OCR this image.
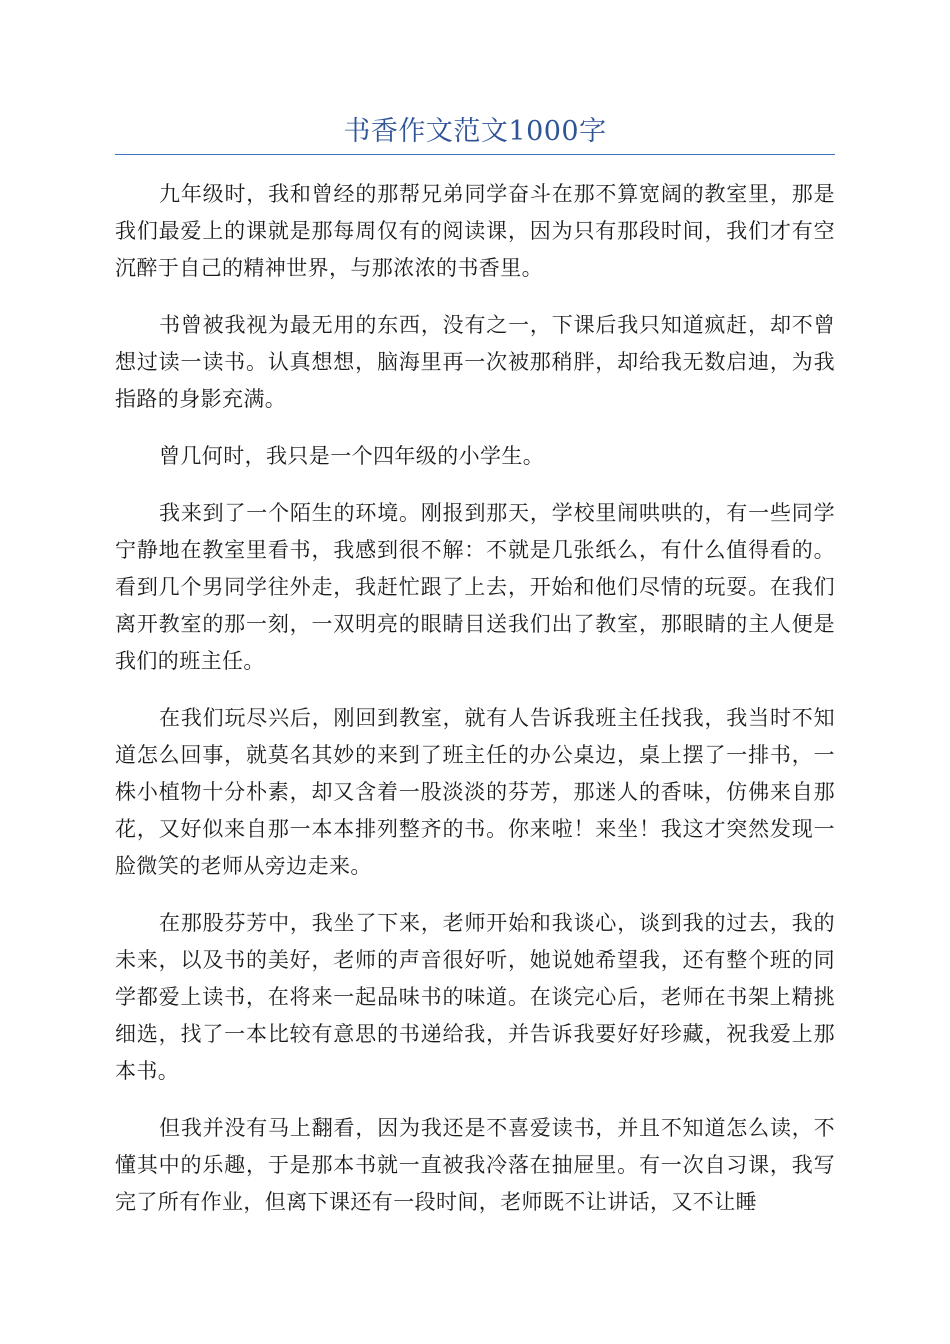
书香作文范文1000字

九年级时，我和曾经的那帮兄弟同学奋斗在那不算宽阔的教室里，那是我们最爱上的课就是那每周仅有的阅读课，因为只有那段时间，我们才有空沉醉于自己的精神世界，与那浓浓的书香里。

书曾被我视为最无用的东西，没有之一，下课后我只知道疯赶，却不曾想过读一读书。认真想想，脑海里再一次被那稍胖，却给我无数启迪，为我指路的身影充满。

曾几何时，我只是一个四年级的小学生。

我来到了一个陌生的环境。刚报到那天，学校里闹哄哄的，有一些同学宁静地在教室里看书，我感到很不解：不就是几张纸么，有什么值得看的。看到几个男同学往外走，我赶忙跟了上去，开始和他们尽情的玩耍。在我们离开教室的那一刻，一双明亮的眼睛目送我们出了教室，那眼睛的主人便是我们的班主任。

在我们玩尽兴后，刚回到教室，就有人告诉我班主任找我，我当时不知道怎么回事，就莫名其妙的来到了班主任的办公桌边，桌上摆了一排书，一株小植物十分朴素，却又含着一股淡淡的芬芳，那迷人的香味，仿佛来自那花，又好似来自那一本本排列整齐的书。你来啦！来坐！我这才突然发现一脸微笑的老师从旁边走来。

在那股芬芳中，我坐了下来，老师开始和我谈心，谈到我的过去，我的未来，以及书的美好，老师的声音很好听，她说她希望我，还有整个班的同学都爱上读书，在将来一起品味书的味道。在谈完心后，老师在书架上精挑细选，找了一本比较有意思的书递给我，并告诉我要好好珍藏，祝我爱上那本书。

但我并没有马上翻看，因为我还是不喜爱读书，并且不知道怎么读，不懂其中的乐趣，于是那本书就一直被我冷落在抽屉里。有一次自习课，我写完了所有作业，但离下课还有一段时间，老师既不让讲话，又不让睡
